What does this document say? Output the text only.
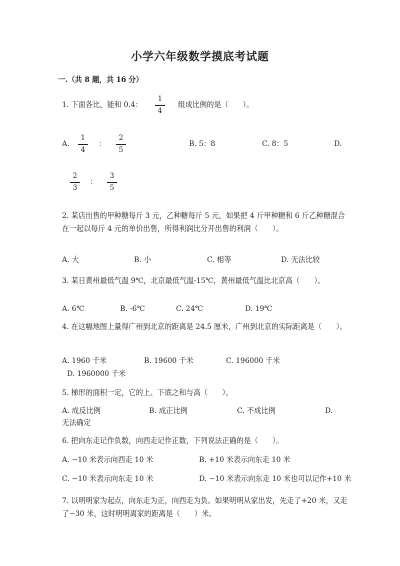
小学六年级数学摸底考试题
一.（共 8 题，共 16 分）
1. 下面各比，能和 0.4：
1
4
组成比例的是（　　）。
A.
1
4
：
2
5
B. 5：8	C. 8：5	D.
2
3
：
3
5
2. 某店出售的甲种糖每斤 3 元，乙种糖每斤 5 元，如果把 4 斤甲种糖和 6 斤乙种糖混合在一起以每斤 4 元的单价出售，所得利润比分开出售的利润（　　）。
A. 大	B. 小	C. 相等	D. 无法比较
3. 某日黄州最低气温 9℃，北京最低气温-15℃，黄州最低气温比北京高（　　）。
A. 6℃	B. -6℃	C. 24℃	D. 19℃
4. 在这幅地图上量得广州到北京的距离是 24.5 厘米，广州到北京的实际距离是（　　）。
A. 1960 千米	B. 19600 千米	C. 196000 千米
D. 1960000 千米
5. 梯形的面积一定，它的上、下底之和与高（　　）。
A. 成反比例	B. 成正比例	C. 不成比例	D.
无法确定
6. 把向东走记作负数，向西走记作正数，下列说法正确的是（　　）。
A. −10 米表示向西走 10 米	B. +10 米表示向东走 10 米
C. −10 米表示向东走 10 米	D. −10 米表示向东走 10 米也可以记作+10 米
7. 以明明家为起点，向东走为正，向西走为负。如果明明从家出发，先走了+20 米，又走了−30 米，这时明明离家的距离是（　　）米。
